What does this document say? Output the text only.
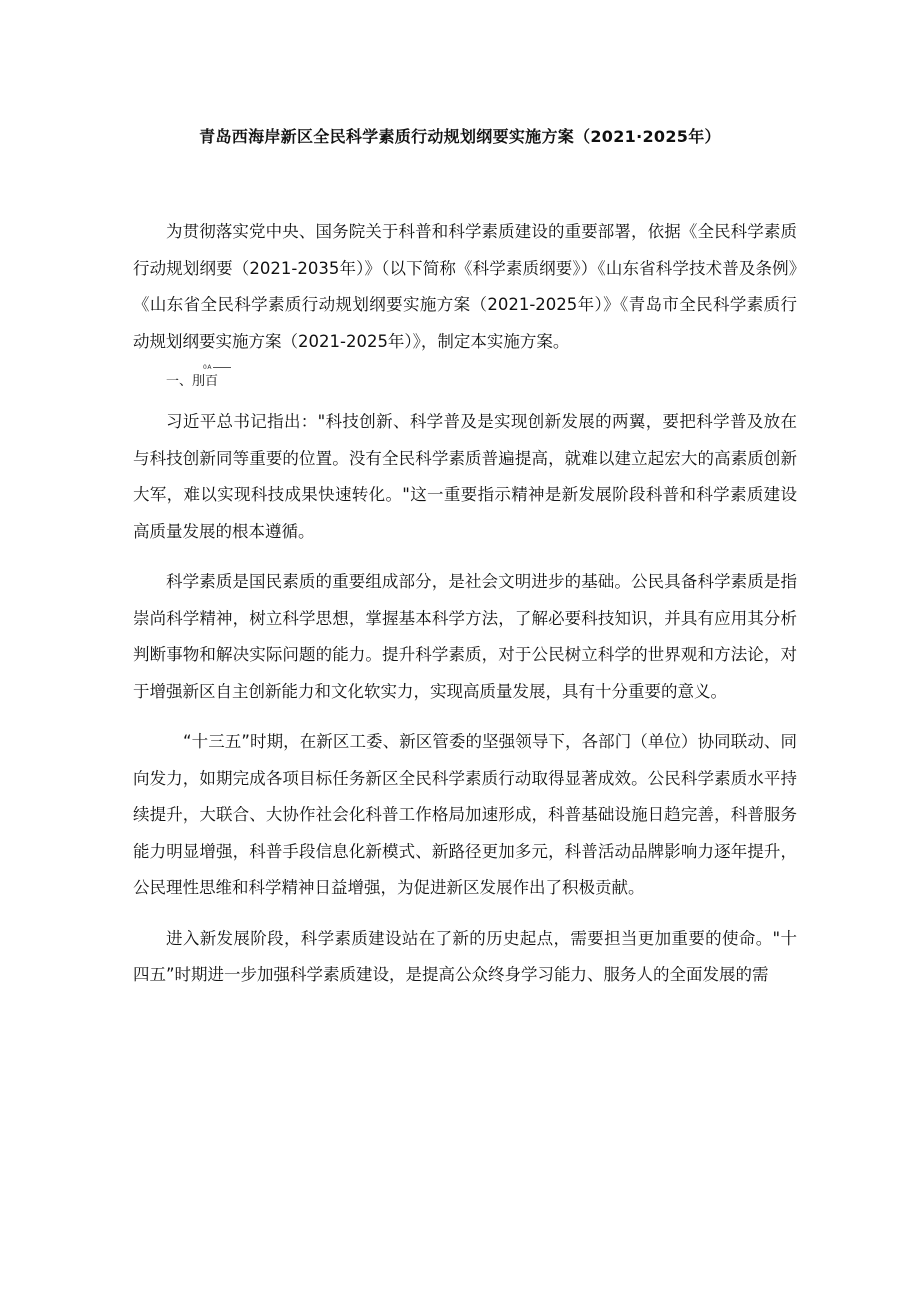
青岛西海岸新区全民科学素质行动规划纲要实施方案（2021·2025年）

为贯彻落实党中央、国务院关于科普和科学素质建设的重要部署，依据《全民科学素质行动规划纲要（2021-2035年）》（以下简称《科学素质纲要》）《山东省科学技术普及条例》《山东省全民科学素质行动规划纲要实施方案（2021-2025年）》《青岛市全民科学素质行动规划纲要实施方案（2021-2025年）》，制定本实施方案。

一、刖百
0A

习近平总书记指出："科技创新、科学普及是实现创新发展的两翼，要把科学普及放在与科技创新同等重要的位置。没有全民科学素质普遍提高，就难以建立起宏大的高素质创新大军，难以实现科技成果快速转化。"这一重要指示精神是新发展阶段科普和科学素质建设高质量发展的根本遵循。

科学素质是国民素质的重要组成部分，是社会文明进步的基础。公民具备科学素质是指崇尚科学精神，树立科学思想，掌握基本科学方法，了解必要科技知识，并具有应用其分析判断事物和解决实际问题的能力。提升科学素质，对于公民树立科学的世界观和方法论，对于增强新区自主创新能力和文化软实力，实现高质量发展，具有十分重要的意义。

“十三五”时期，在新区工委、新区管委的坚强领导下，各部门（单位）协同联动、同向发力，如期完成各项目标任务新区全民科学素质行动取得显著成效。公民科学素质水平持续提升，大联合、大协作社会化科普工作格局加速形成，科普基础设施日趋完善，科普服务能力明显增强，科普手段信息化新模式、新路径更加多元，科普活动品牌影响力逐年提升，公民理性思维和科学精神日益增强，为促进新区发展作出了积极贡献。

进入新发展阶段，科学素质建设站在了新的历史起点，需要担当更加重要的使命。"十四五”时期进一步加强科学素质建设，是提高公众终身学习能力、服务人的全面发展的需
